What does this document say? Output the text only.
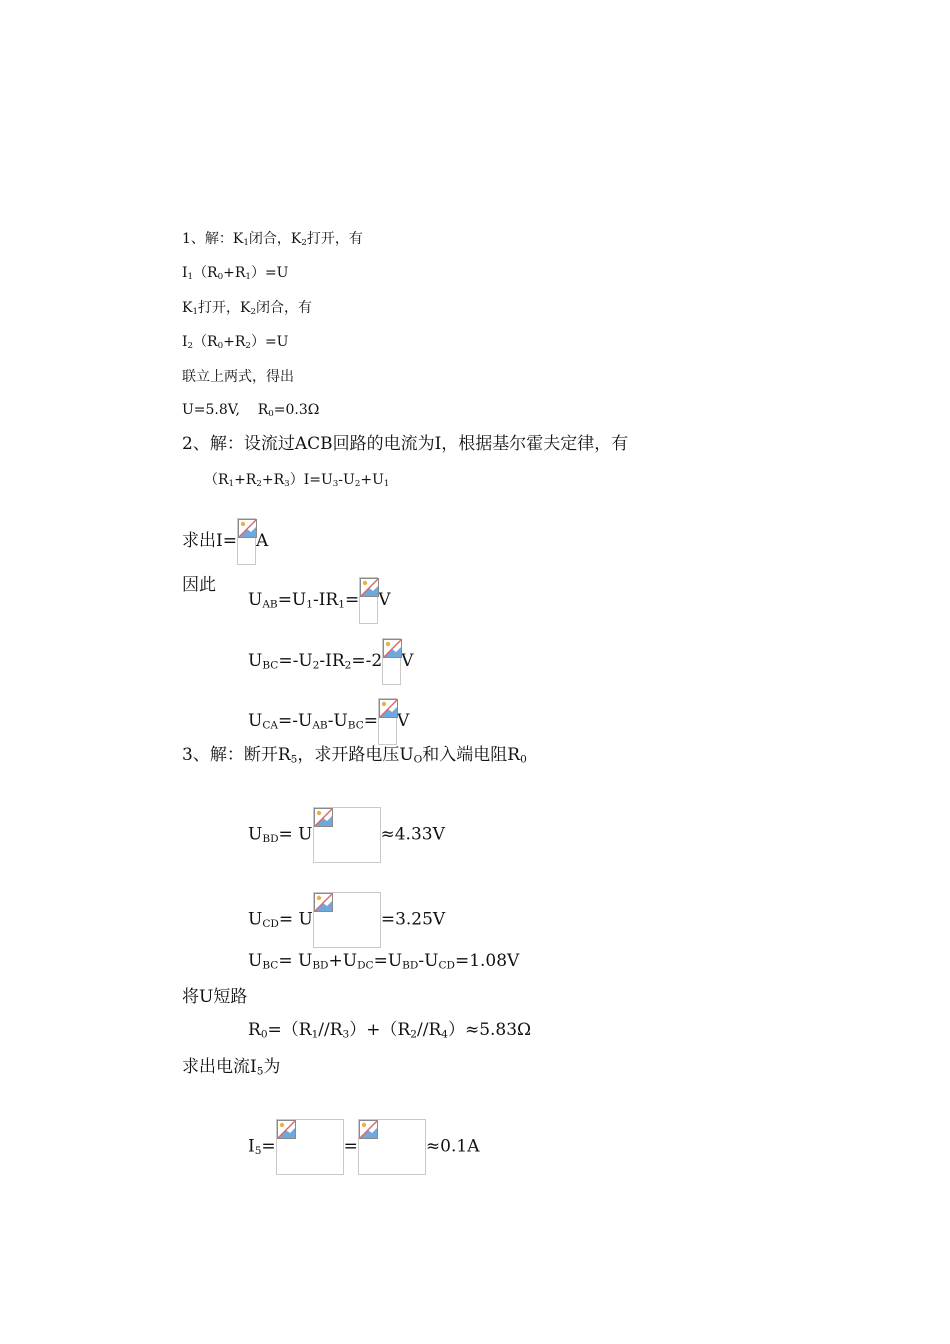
1、解：$K_1$闭合，$K_2$打开，有
$I_1(R_0+R_1)=U$
$K_1$打开，$K_2$闭合，有
$I_2(R_0+R_2)=U$
联立上两式，得出
U=5.8V,    $R_0=0.3\Omega$
2、解：设流过ACB回路的电流为I，根据基尔霍夫定律，有
$(R_1+R_2+R_3)I=U_3-U_2+U_1$
求出I= A
因此
$U_{AB}=U_1-IR_1= V$
$U_{BC}=-U_2-IR_2=-2$ V
$U_{CA}=-U_{AB}-U_{BC}= V$
3、解：断开$R_5$，求开路电压$U_O$和入端电阻$R_0$
$U_{BD}= U$	≈4.33V
$U_{CD}= U$	=3.25V
$U_{BC}= U_{BD}+U_{DC}=U_{BD}-U_{CD}=1.08V$
将U短路
$R_0=(R_1//R_3)+(R_2//R_4)\approx 5.83\Omega$
求出电流$I_5$为
$I_5=$	=	≈0.1A
